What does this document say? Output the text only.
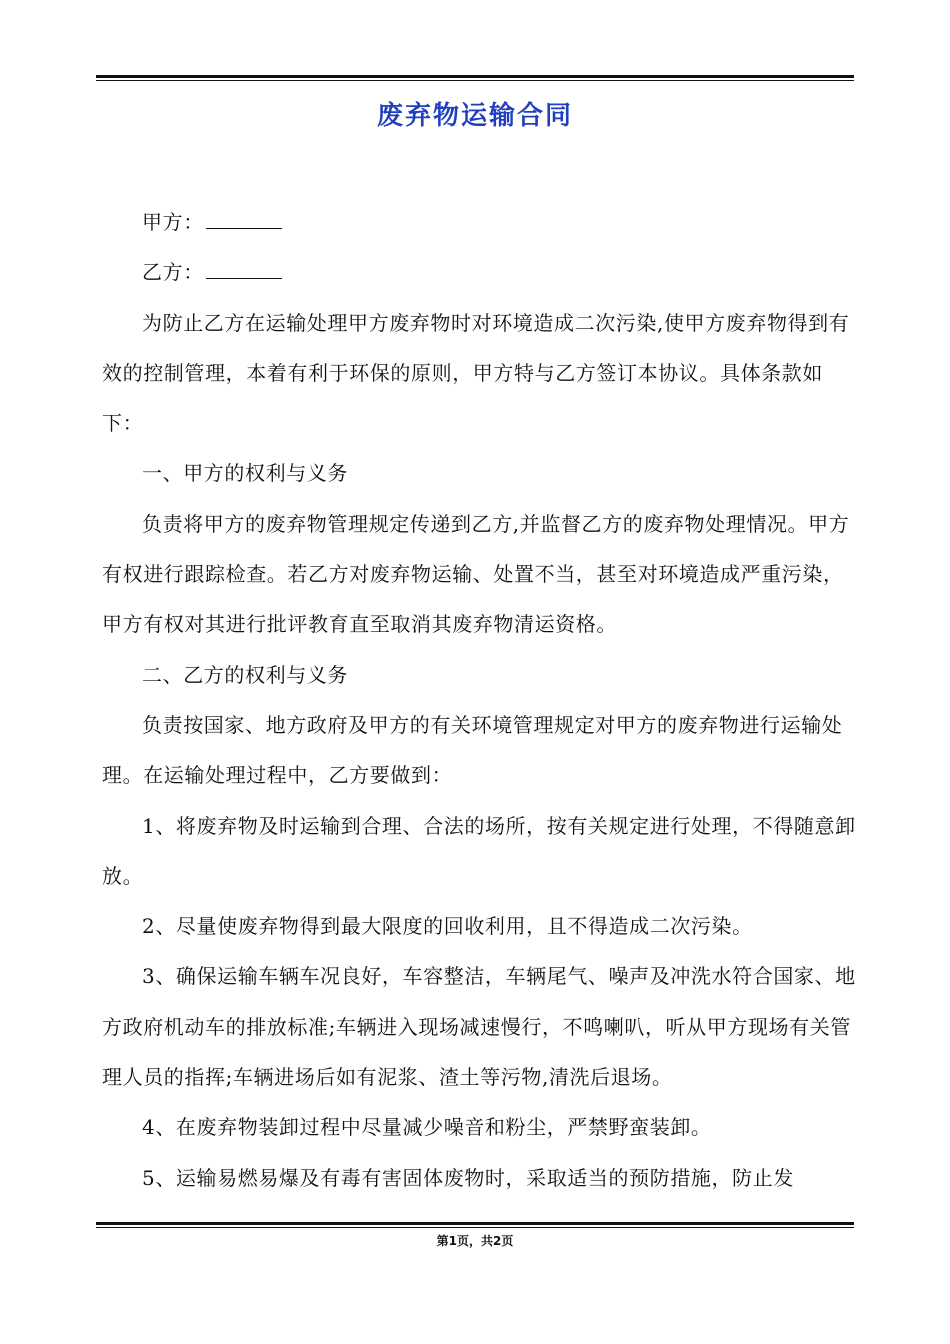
废弃物运输合同

甲方：

乙方：

为防止乙方在运输处理甲方废弃物时对环境造成二次污染,使甲方废弃物得到有效的控制管理，本着有利于环保的原则，甲方特与乙方签订本协议。具体条款如下：

一、甲方的权利与义务

负责将甲方的废弃物管理规定传递到乙方,并监督乙方的废弃物处理情况。甲方有权进行跟踪检查。若乙方对废弃物运输、处置不当，甚至对环境造成严重污染，甲方有权对其进行批评教育直至取消其废弃物清运资格。

二、乙方的权利与义务

负责按国家、地方政府及甲方的有关环境管理规定对甲方的废弃物进行运输处理。在运输处理过程中，乙方要做到：

1、将废弃物及时运输到合理、合法的场所，按有关规定进行处理，不得随意卸放。

2、尽量使废弃物得到最大限度的回收利用，且不得造成二次污染。

3、确保运输车辆车况良好，车容整洁，车辆尾气、噪声及冲洗水符合国家、地方政府机动车的排放标准;车辆进入现场减速慢行，不鸣喇叭，听从甲方现场有关管理人员的指挥;车辆进场后如有泥浆、渣土等污物,清洗后退场。

4、在废弃物装卸过程中尽量减少噪音和粉尘，严禁野蛮装卸。

5、运输易燃易爆及有毒有害固体废物时，采取适当的预防措施，防止发

第1页，共2页
